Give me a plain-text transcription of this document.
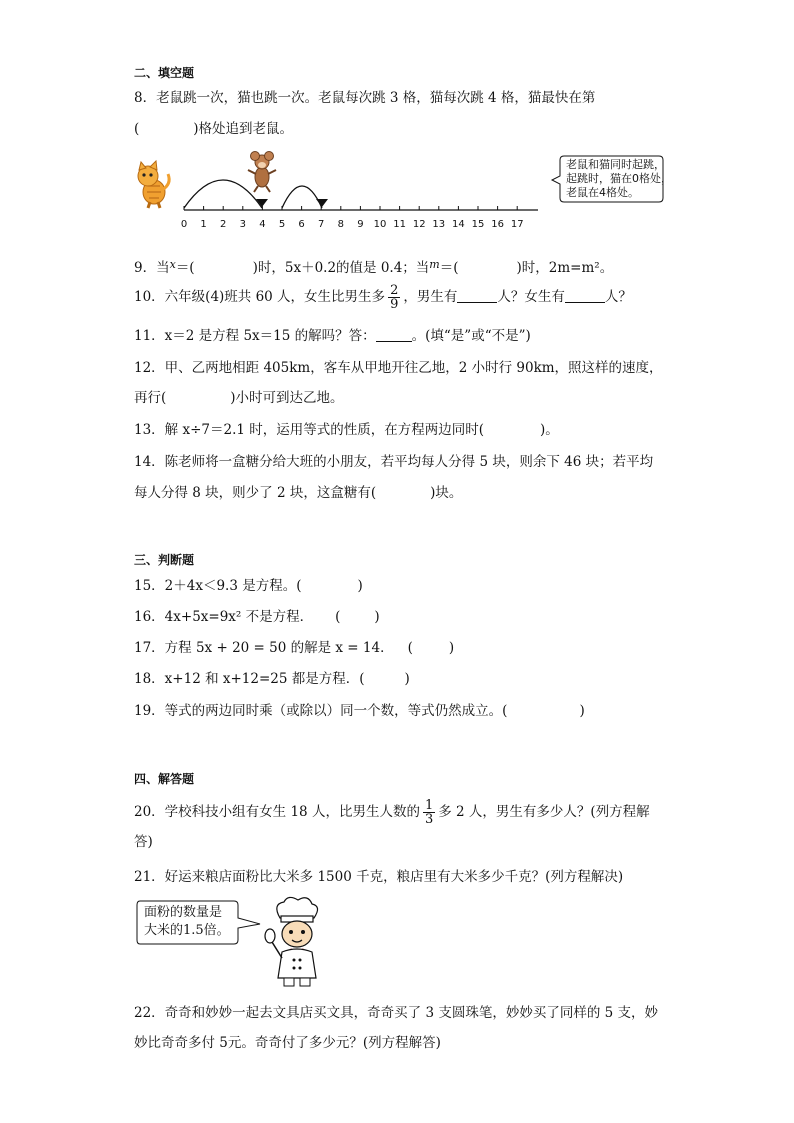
二、填空题
8．老鼠跳一次，猫也跳一次。老鼠每次跳 3 格，猫每次跳 4 格，猫最快在第
(	)格处追到老鼠。
0 1 2 3 4 5 6 7 8 9 10 11 12 13 14 15 16 17
老鼠和猫同时起跳，
起跳时，猫在0格处，
老鼠在4格处。
9．当$^x$＝(	)时，5x＋0.2的值是 0.4；当$^m$＝(	)时，2m=m²。
10．六年级(4)班共 60 人，女生比男生多 $\frac{2}{9}$ ，男生有	人？女生有	人？
11．x＝2 是方程 5x＝15 的解吗？答：	。(填“是”或“不是”)
12．甲、乙两地相距 405km，客车从甲地开往乙地，2 小时行 90km，照这样的速度，
再行(	)小时可到达乙地。
13．解 x÷7＝2.1 时，运用等式的性质，在方程两边同时(	)。
14．陈老师将一盒糖分给大班的小朋友，若平均每人分得 5 块，则余下 46 块；若平均
每人分得 8 块，则少了 2 块，这盒糖有(	)块。
三、判断题
15．2＋4x＜9.3 是方程。(	)
16．4x+5x=9x² 不是方程． (	)
17．方程 5x + 20 = 50 的解是 x = 14． (	)
18．x+12 和 x+12=25 都是方程．(	)
19．等式的两边同时乘（或除以）同一个数，等式仍然成立。(	)
四、解答题
20．学校科技小组有女生 18 人，比男生人数的 $\frac{1}{3}$ 多 2 人，男生有多少人？(列方程解
答)
21．好运来粮店面粉比大米多 1500 千克，粮店里有大米多少千克？(列方程解决)
面粉的数量是
大米的1.5倍。
22．奇奇和妙妙一起去文具店买文具，奇奇买了 3 支圆珠笔，妙妙买了同样的 5 支，妙
妙比奇奇多付 5元。奇奇付了多少元？(列方程解答)
